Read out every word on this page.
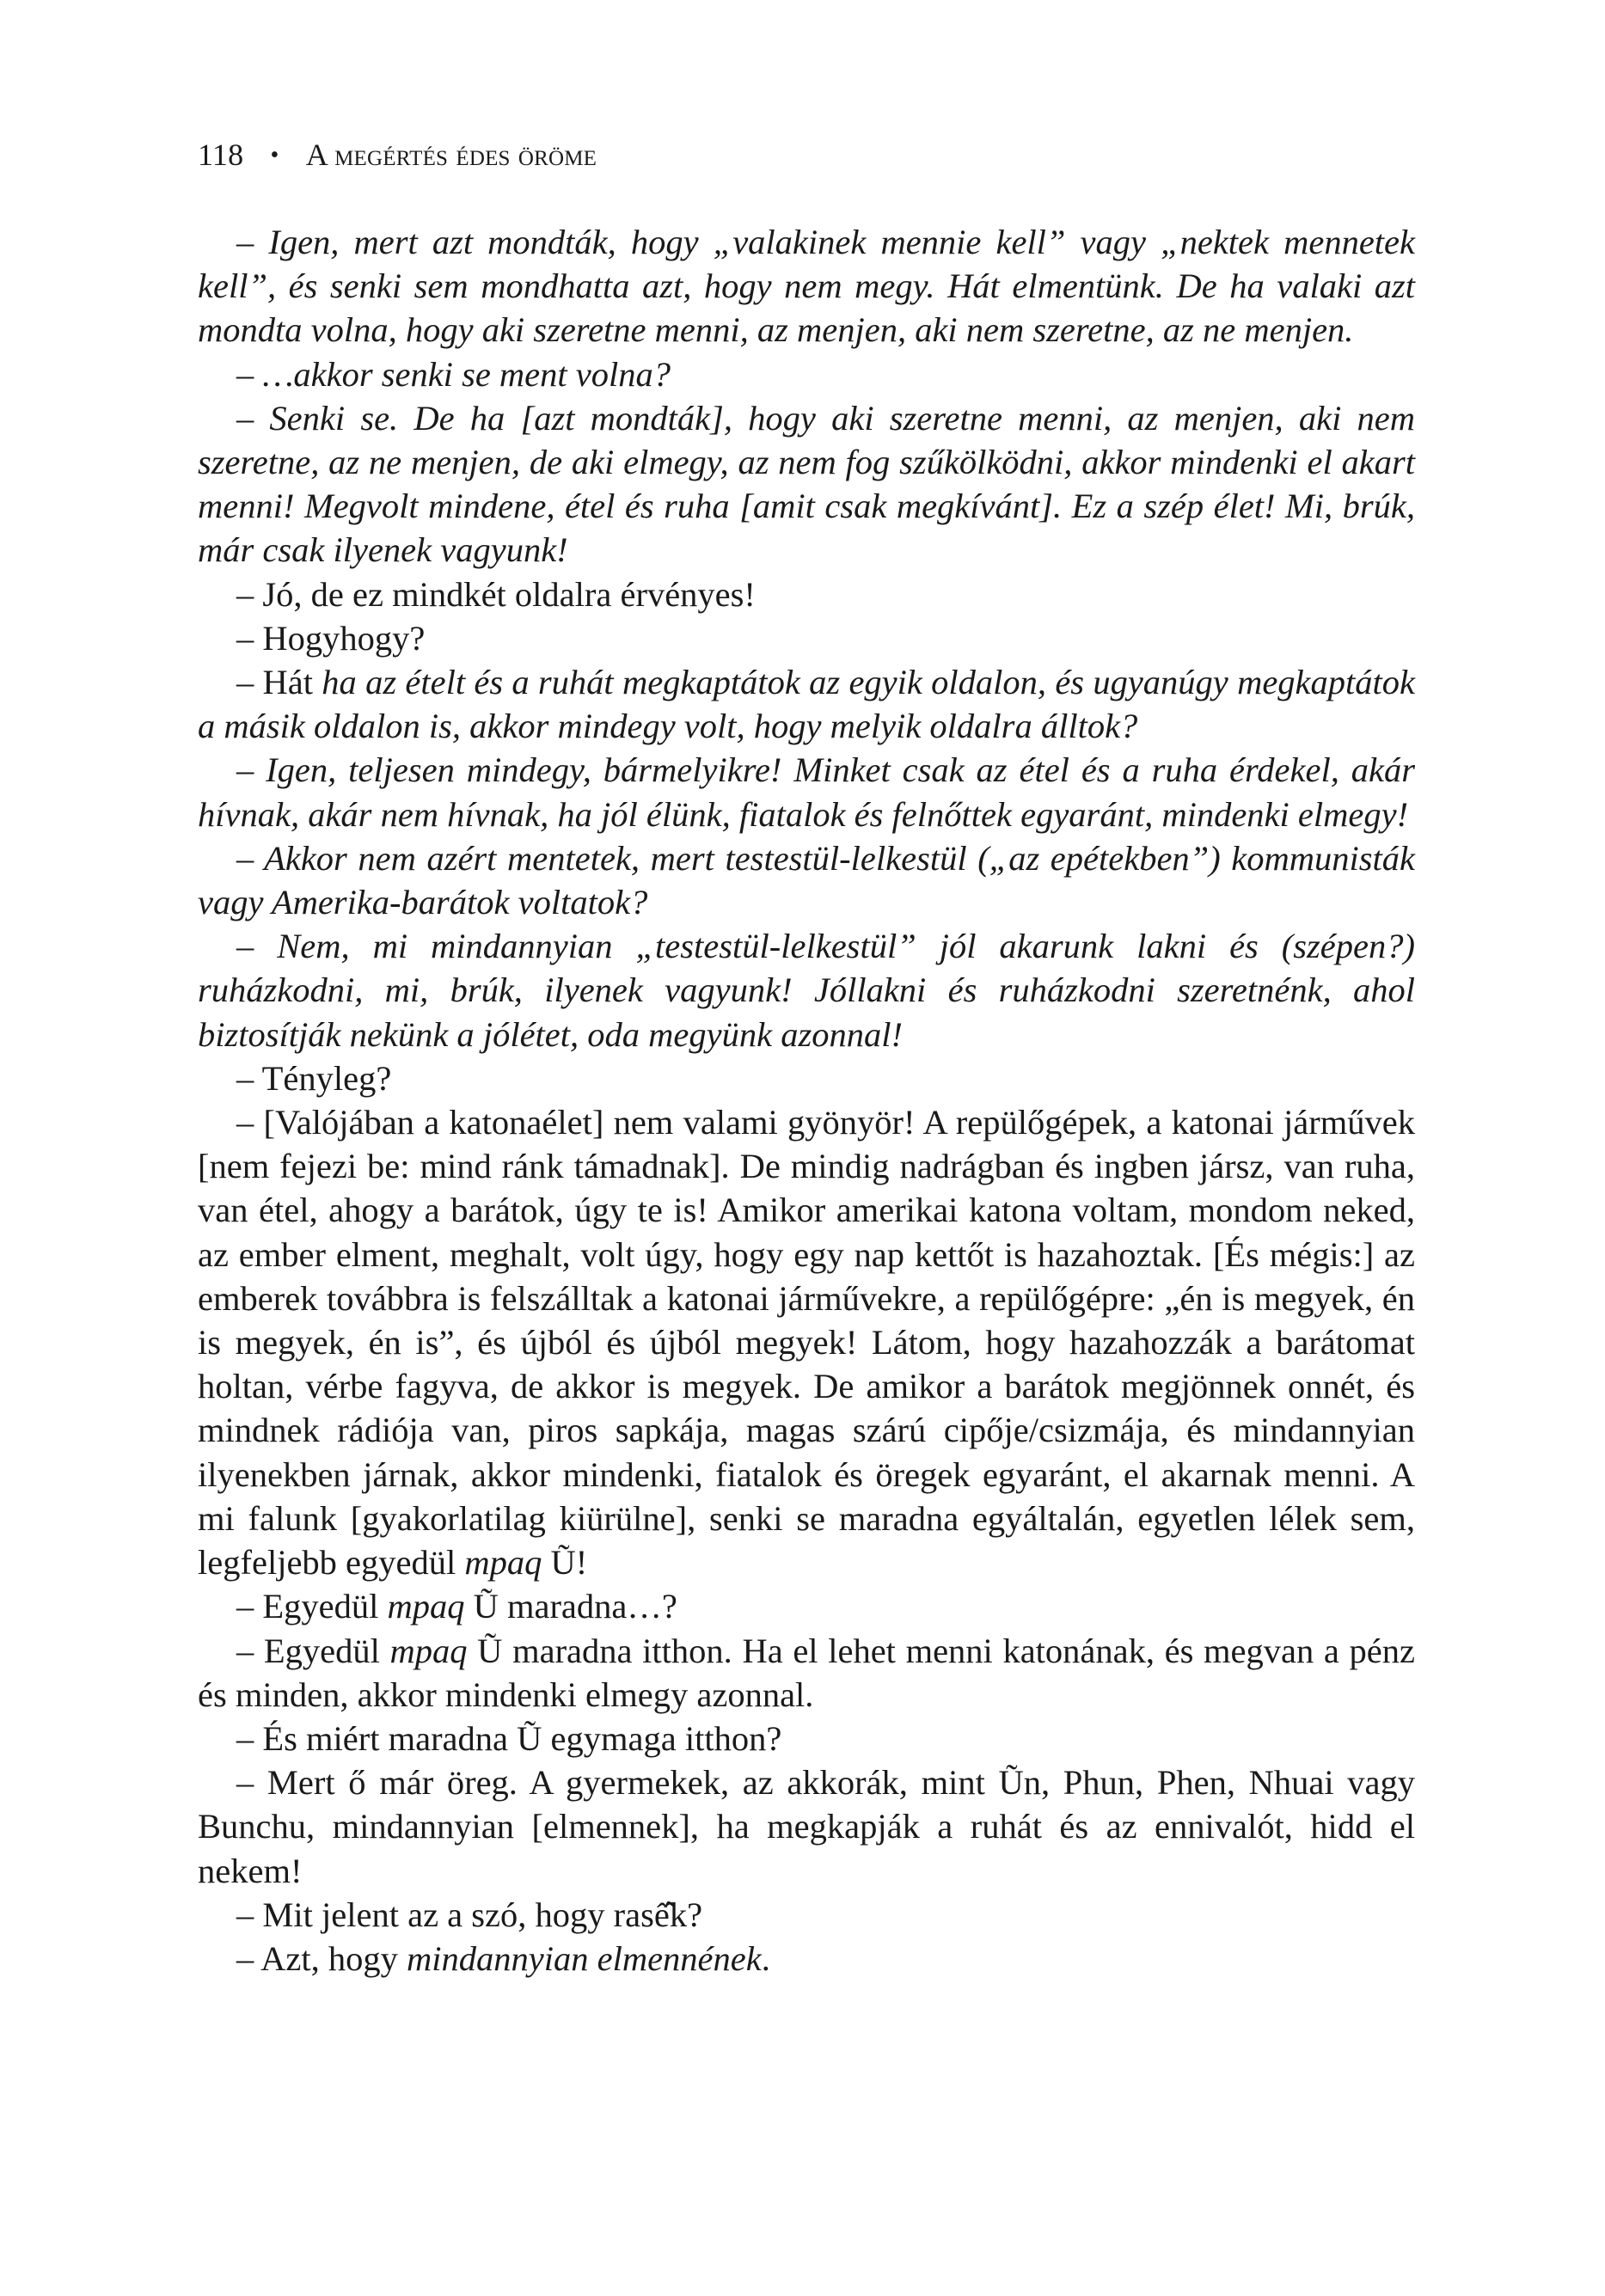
118 • A megértés édes öröme

– Igen, mert azt mondták, hogy „valakinek mennie kell” vagy „nektek mennetek kell”, és senki sem mondhatta azt, hogy nem megy. Hát elmentünk. De ha valaki azt mondta volna, hogy aki szeretne menni, az menjen, aki nem szeretne, az ne menjen.

– …akkor senki se ment volna?

– Senki se. De ha [azt mondták], hogy aki szeretne menni, az menjen, aki nem szeretne, az ne menjen, de aki elmegy, az nem fog szűkölködni, akkor mindenki el akart menni! Megvolt mindene, étel és ruha [amit csak megkívánt]. Ez a szép élet! Mi, brúk, már csak ilyenek vagyunk!

– Jó, de ez mindkét oldalra érvényes!

– Hogyhogy?

– Hát ha az ételt és a ruhát megkaptátok az egyik oldalon, és ugyanúgy megkaptátok a másik oldalon is, akkor mindegy volt, hogy melyik oldalra álltok?

– Igen, teljesen mindegy, bármelyikre! Minket csak az étel és a ruha érdekel, akár hívnak, akár nem hívnak, ha jól élünk, fiatalok és felnőttek egyaránt, mindenki elmegy!

– Akkor nem azért mentetek, mert testestül-lelkestül („az epétekben”) kommunisták vagy Amerika-barátok voltatok?

– Nem, mi mindannyian „testestül-lelkestül” jól akarunk lakni és (szépen?) ruházkodni, mi, brúk, ilyenek vagyunk! Jóllakni és ruházkodni szeretnénk, ahol biztosítják nekünk a jólétet, oda megyünk azonnal!

– Tényleg?

– [Valójában a katonaélet] nem valami gyönyör! A repülőgépek, a katonai járművek [nem fejezi be: mind ránk támadnak]. De mindig nadrágban és ingben jársz, van ruha, van étel, ahogy a barátok, úgy te is! Amikor amerikai katona voltam, mondom neked, az ember elment, meghalt, volt úgy, hogy egy nap kettőt is hazahoztak. [És mégis:] az emberek továbbra is felszálltak a katonai járművekre, a repülőgépre: „én is megyek, én is megyek, én is”, és újból és újból megyek! Látom, hogy hazahozzák a barátomat holtan, vérbe fagyva, de akkor is megyek. De amikor a barátok megjönnek onnét, és mindnek rádiója van, piros sapkája, magas szárú cipője/csizmája, és mindannyian ilyenekben járnak, akkor mindenki, fiatalok és öregek egyaránt, el akarnak menni. A mi falunk [gyakorlatilag kiürülne], senki se maradna egyáltalán, egyetlen lélek sem, legfeljebb egyedül mpaq Ũ!

– Egyedül mpaq Ũ maradna…?

– Egyedül mpaq Ũ maradna itthon. Ha el lehet menni katonának, és megvan a pénz és minden, akkor mindenki elmegy azonnal.

– És miért maradna Ũ egymaga itthon?

– Mert ő már öreg. A gyermekek, az akkorák, mint Ũn, Phun, Phen, Nhuai vagy Bunchu, mindannyian [elmennek], ha megkapják a ruhát és az ennivalót, hidd el nekem!

– Mit jelent az a szó, hogy rasế̂k?

– Azt, hogy mindannyian elmennének.
